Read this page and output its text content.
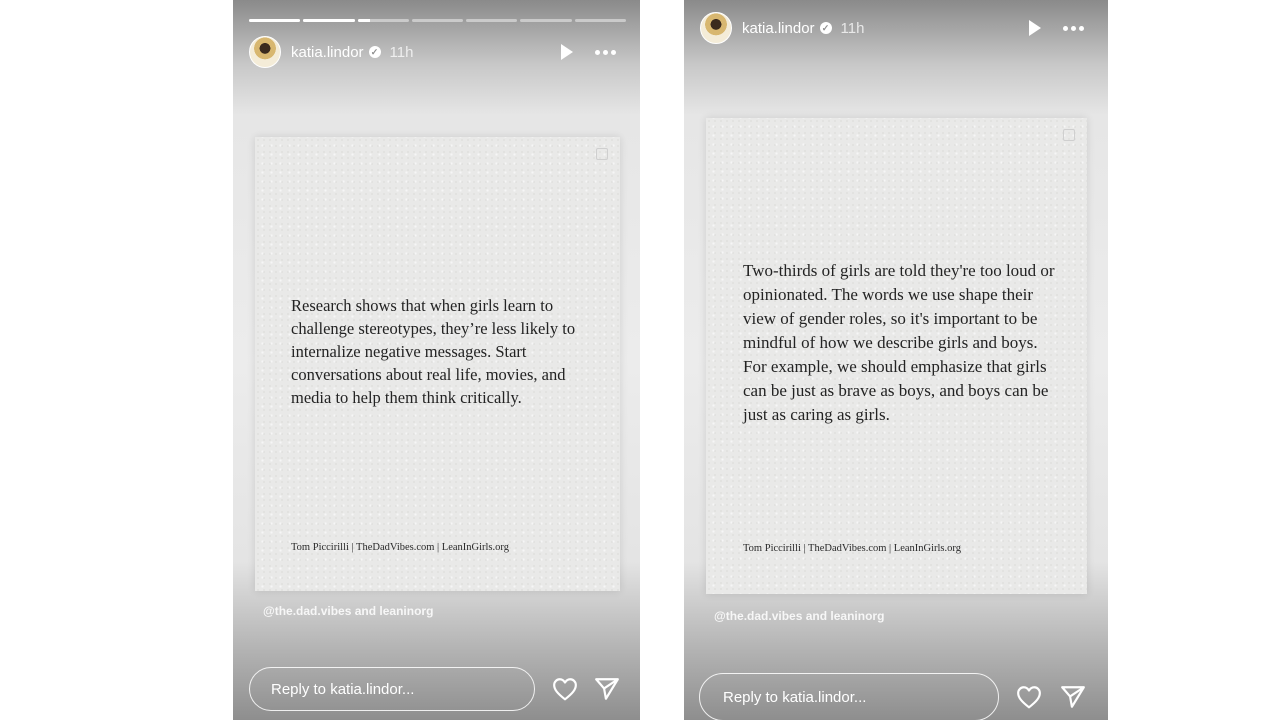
katia.lindor ✓ 11h

Research shows that when girls learn to challenge stereotypes, they’re less likely to internalize negative messages. Start conversations about real life, movies, and media to help them think critically.

Tom Piccirilli | TheDadVibes.com | LeanInGirls.org

@the.dad.vibes and leaninorg
Reply to katia.lindor...
katia.lindor ✓ 11h

Two-thirds of girls are told they're too loud or opinionated. The words we use shape their view of gender roles, so it's important to be mindful of how we describe girls and boys. For example, we should emphasize that girls can be just as brave as boys, and boys can be just as caring as girls.

Tom Piccirilli | TheDadVibes.com | LeanInGirls.org

@the.dad.vibes and leaninorg
Reply to katia.lindor...
